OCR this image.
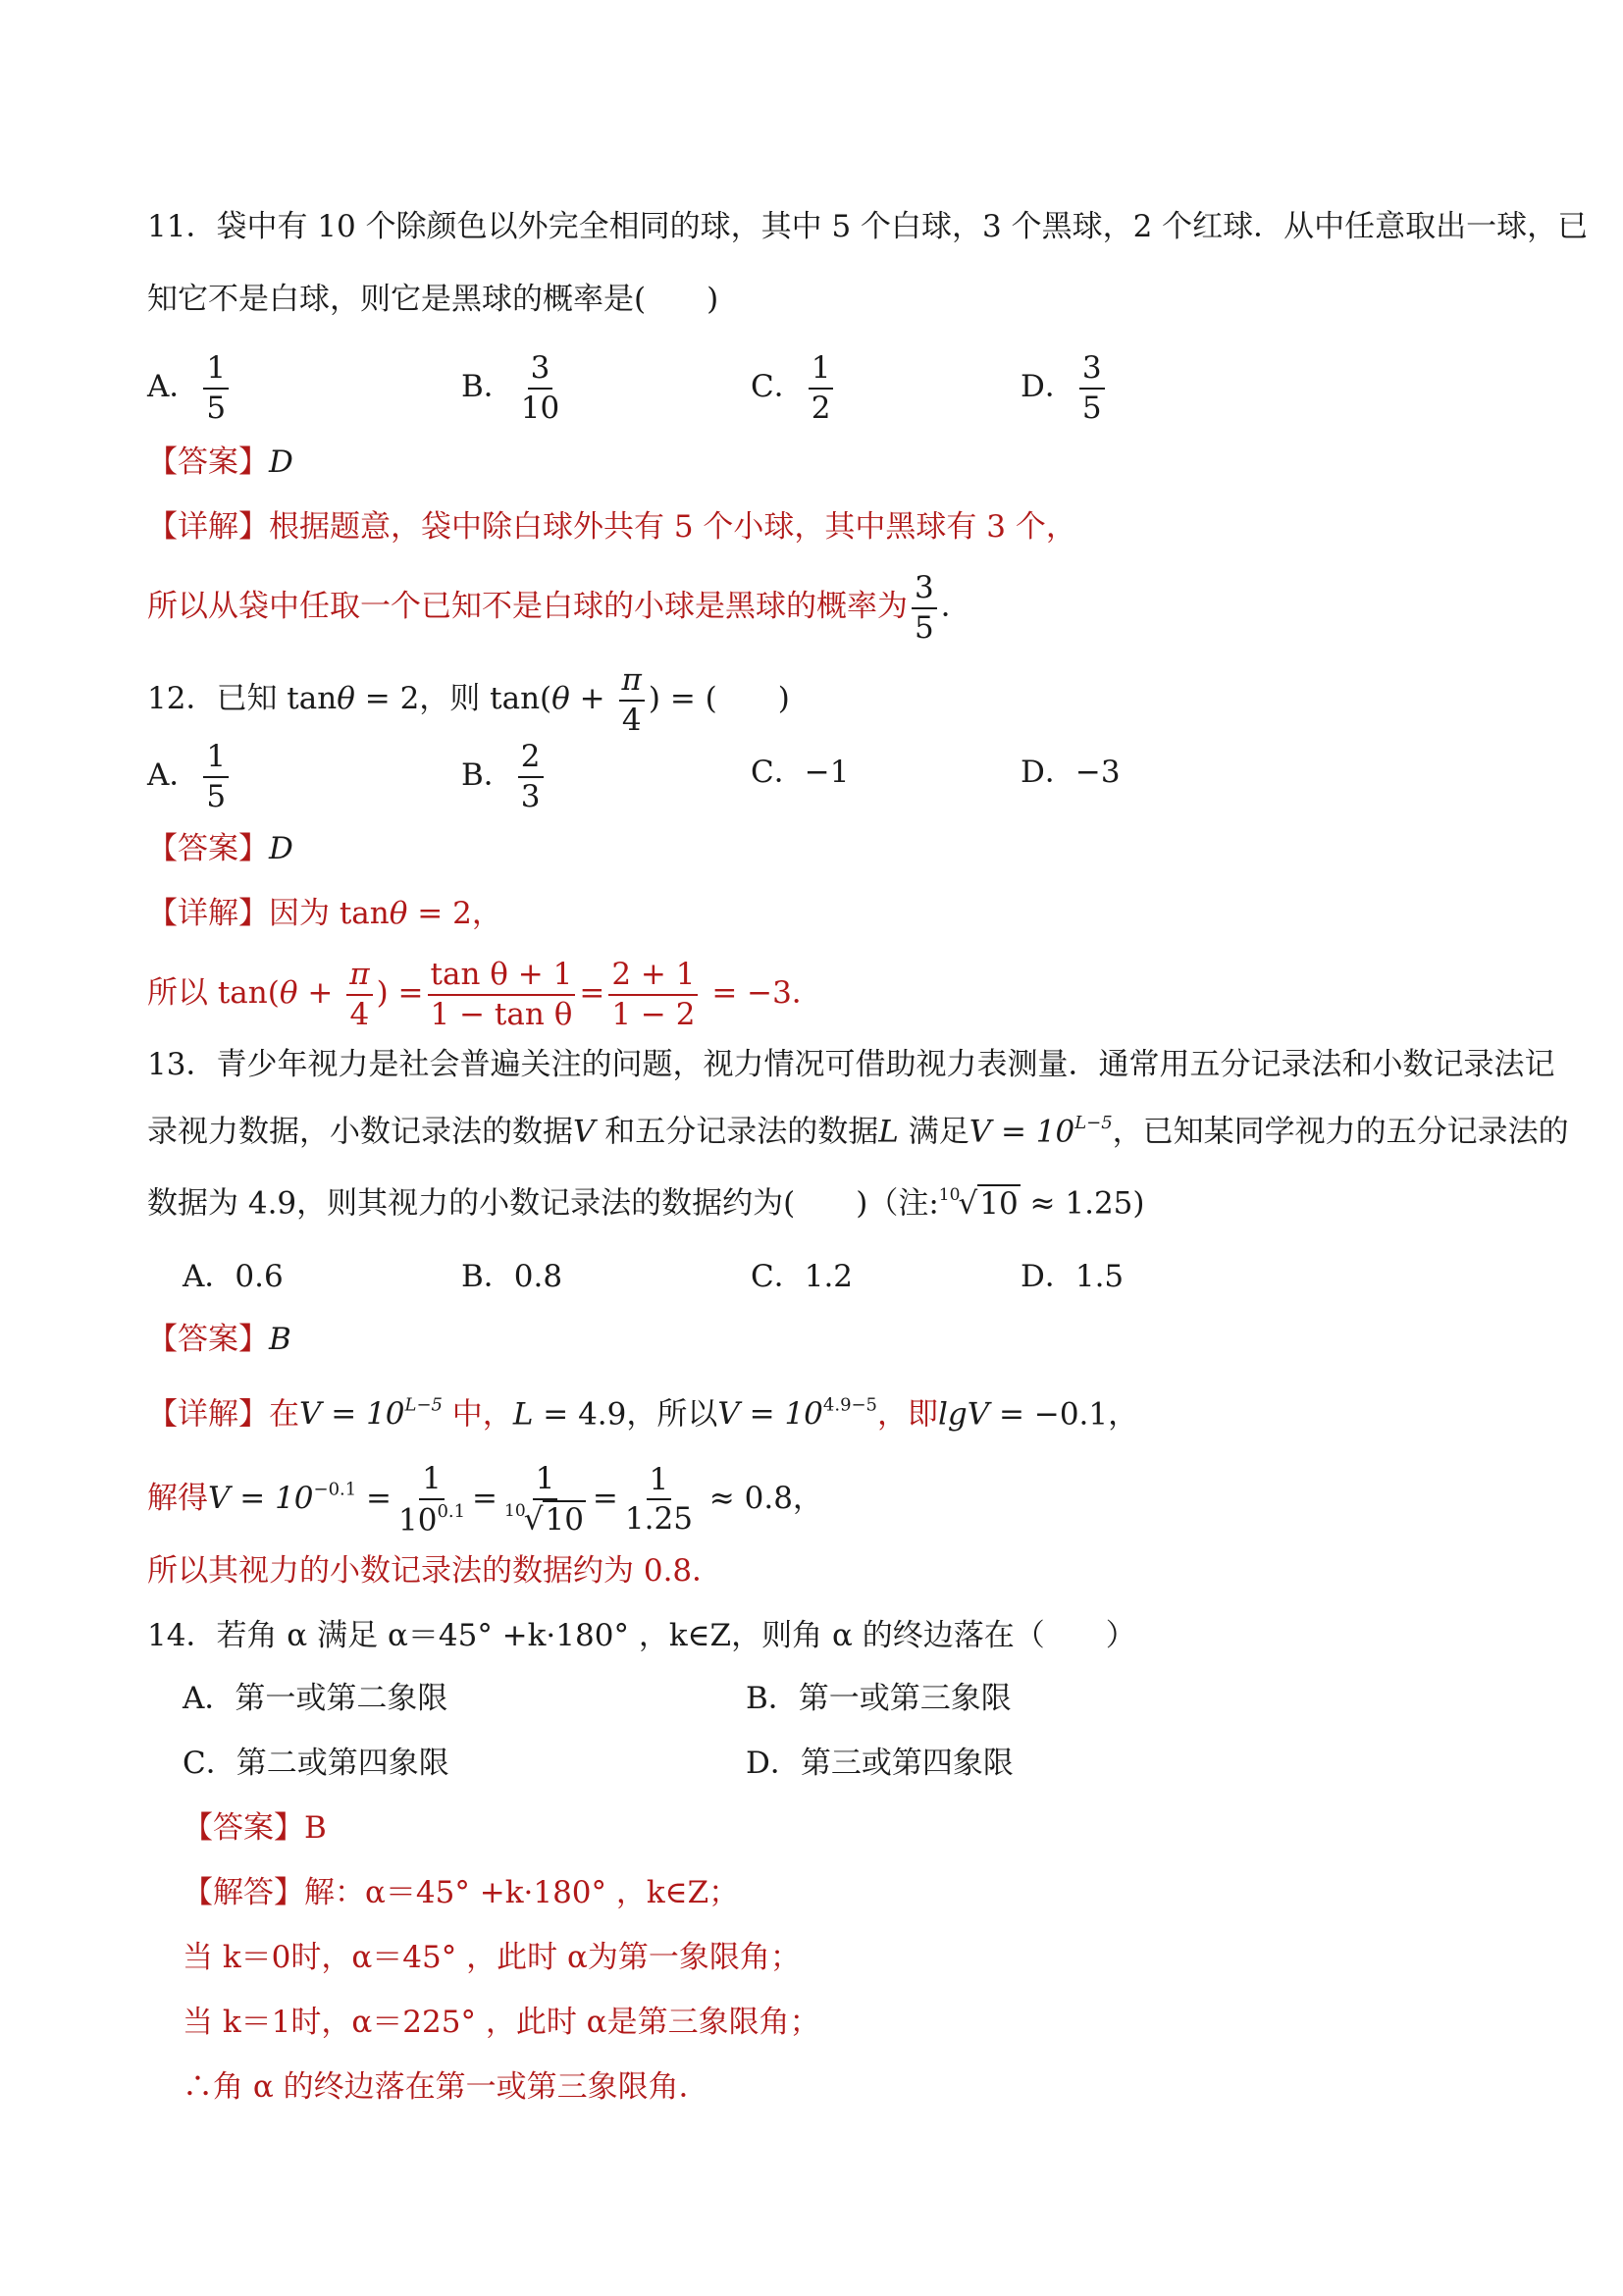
11．袋中有 10 个除颜色以外完全相同的球，其中 5 个白球，3 个黑球，2 个红球．从中任意取出一球，已
知它不是白球，则它是黑球的概率是(　　)
A． $\frac{1}{5}$	B． $\frac{3}{10}$	C． $\frac{1}{2}$	D． $\frac{3}{5}$
【答案】D
【详解】根据题意，袋中除白球外共有 5 个小球，其中黑球有 3 个，
所以从袋中任取一个已知不是白球的小球是黑球的概率为 $\frac{3}{5}$ ．
12．已知 tanθ = 2，则 $\tan(\theta + \frac{\pi}{4}$ ) = (　　)
A． $\frac{1}{5}$	B． $\frac{2}{3}$	C．−1	D．−3
【答案】D
【详解】因为 tanθ = 2，
所以 $\tan(\theta + \frac{\pi}{4}$ ) = $\frac{\text{tan θ + 1}}{\text{1 − tan θ}} = \frac{2 + 1}{1 - 2} = -3$．
13．青少年视力是社会普遍关注的问题，视力情况可借助视力表测量．通常用五分记录法和小数记录法记
录视力数据，小数记录法的数据V 和五分记录法的数据L 满足$V = 10^{L-5}$，已知某同学视力的五分记录法的
数据为 4.9，则其视力的小数记录法的数据约为(　　)（注:$^{10}$√10 ≈ 1.25)
A．0.6	B．0.8	C．1.2	D．1.5
【答案】B
【详解】在$V = 10^{L-5}$ 中，L = 4.9，所以$V = 10^{4.9-5}$，即lgV = −0.1，
解得$V = 10^{-0.1} = \frac{1}{10^{0.1}} = \frac{1}{^{10}√10} = \frac{1}{1.25} \approx 0.8$，
所以其视力的小数记录法的数据约为 0.8．
14．若角 α 满足 α＝45° +k·180° ，k∈Z，则角 α 的终边落在（　　）
A．第一或第二象限	B．第一或第三象限
C．第二或第四象限	D．第三或第四象限
【答案】B
【解答】解：α＝45° +k·180° ，k∈Z；
当 k＝0时，α＝45° ，此时 α为第一象限角；
当 k＝1时，α＝225° ，此时 α是第三象限角；
∴角 α 的终边落在第一或第三象限角．
